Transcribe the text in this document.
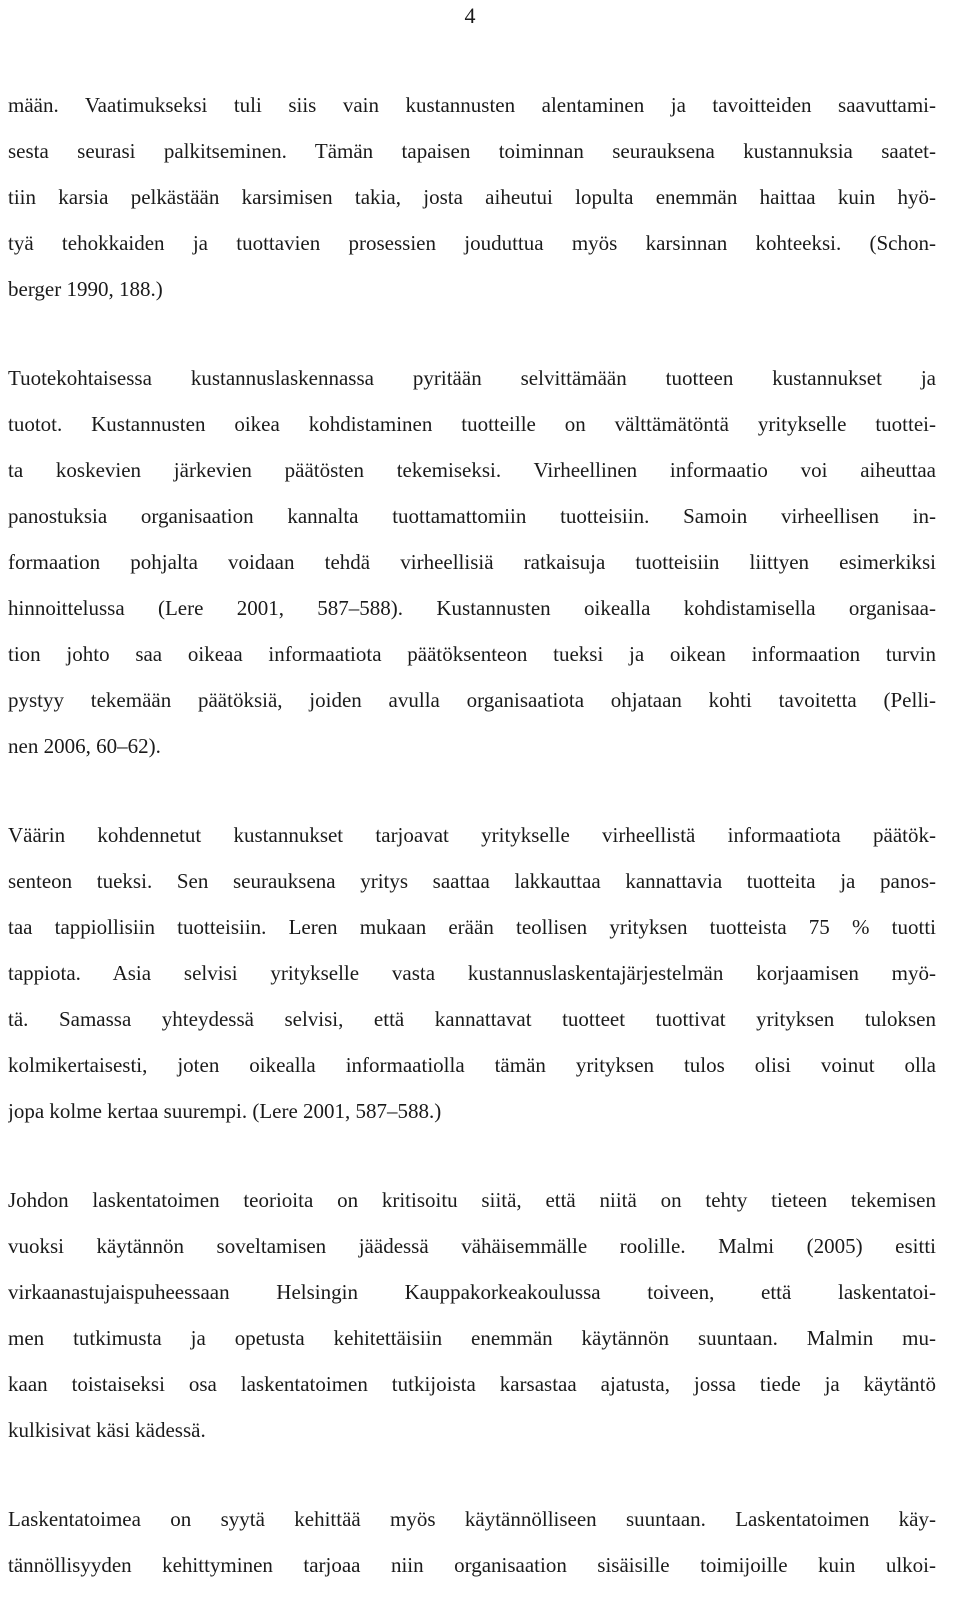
4
mään. Vaatimukseksi tuli siis vain kustannusten alentaminen ja tavoitteiden saavuttami-
sesta seurasi palkitseminen. Tämän tapaisen toiminnan seurauksena kustannuksia saatet-
tiin karsia pelkästään karsimisen takia, josta aiheutui lopulta enemmän haittaa kuin hyö-
tyä tehokkaiden ja tuottavien prosessien jouduttua myös karsinnan kohteeksi. (Schon-
berger 1990, 188.)
Tuotekohtaisessa kustannuslaskennassa pyritään selvittämään tuotteen kustannukset ja
tuotot. Kustannusten oikea kohdistaminen tuotteille on välttämätöntä yritykselle tuottei-
ta koskevien järkevien päätösten tekemiseksi. Virheellinen informaatio voi aiheuttaa
panostuksia organisaation kannalta tuottamattomiin tuotteisiin. Samoin virheellisen in-
formaation pohjalta voidaan tehdä virheellisiä ratkaisuja tuotteisiin liittyen esimerkiksi
hinnoittelussa (Lere 2001, 587–588). Kustannusten oikealla kohdistamisella organisaa-
tion johto saa oikeaa informaatiota päätöksenteon tueksi ja oikean informaation turvin
pystyy tekemään päätöksiä, joiden avulla organisaatiota ohjataan kohti tavoitetta (Pelli-
nen 2006, 60–62).
Väärin kohdennetut kustannukset tarjoavat yritykselle virheellistä informaatiota päätök-
senteon tueksi. Sen seurauksena yritys saattaa lakkauttaa kannattavia tuotteita ja panos-
taa tappiollisiin tuotteisiin. Leren mukaan erään teollisen yrityksen tuotteista 75 % tuotti
tappiota. Asia selvisi yritykselle vasta kustannuslaskentajärjestelmän korjaamisen myö-
tä. Samassa yhteydessä selvisi, että kannattavat tuotteet tuottivat yrityksen tuloksen
kolmikertaisesti, joten oikealla informaatiolla tämän yrityksen tulos olisi voinut olla
jopa kolme kertaa suurempi. (Lere 2001, 587–588.)
Johdon laskentatoimen teorioita on kritisoitu siitä, että niitä on tehty tieteen tekemisen
vuoksi käytännön soveltamisen jäädessä vähäisemmälle roolille. Malmi (2005) esitti
virkaanastujaispuheessaan Helsingin Kauppakorkeakoulussa toiveen, että laskentatoi-
men tutkimusta ja opetusta kehitettäisiin enemmän käytännön suuntaan. Malmin mu-
kaan toistaiseksi osa laskentatoimen tutkijoista karsastaa ajatusta, jossa tiede ja käytäntö
kulkisivat käsi kädessä.
Laskentatoimea on syytä kehittää myös käytännölliseen suuntaan. Laskentatoimen käy-
tännöllisyyden kehittyminen tarjoaa niin organisaation sisäisille toimijoille kuin ulkoi-
